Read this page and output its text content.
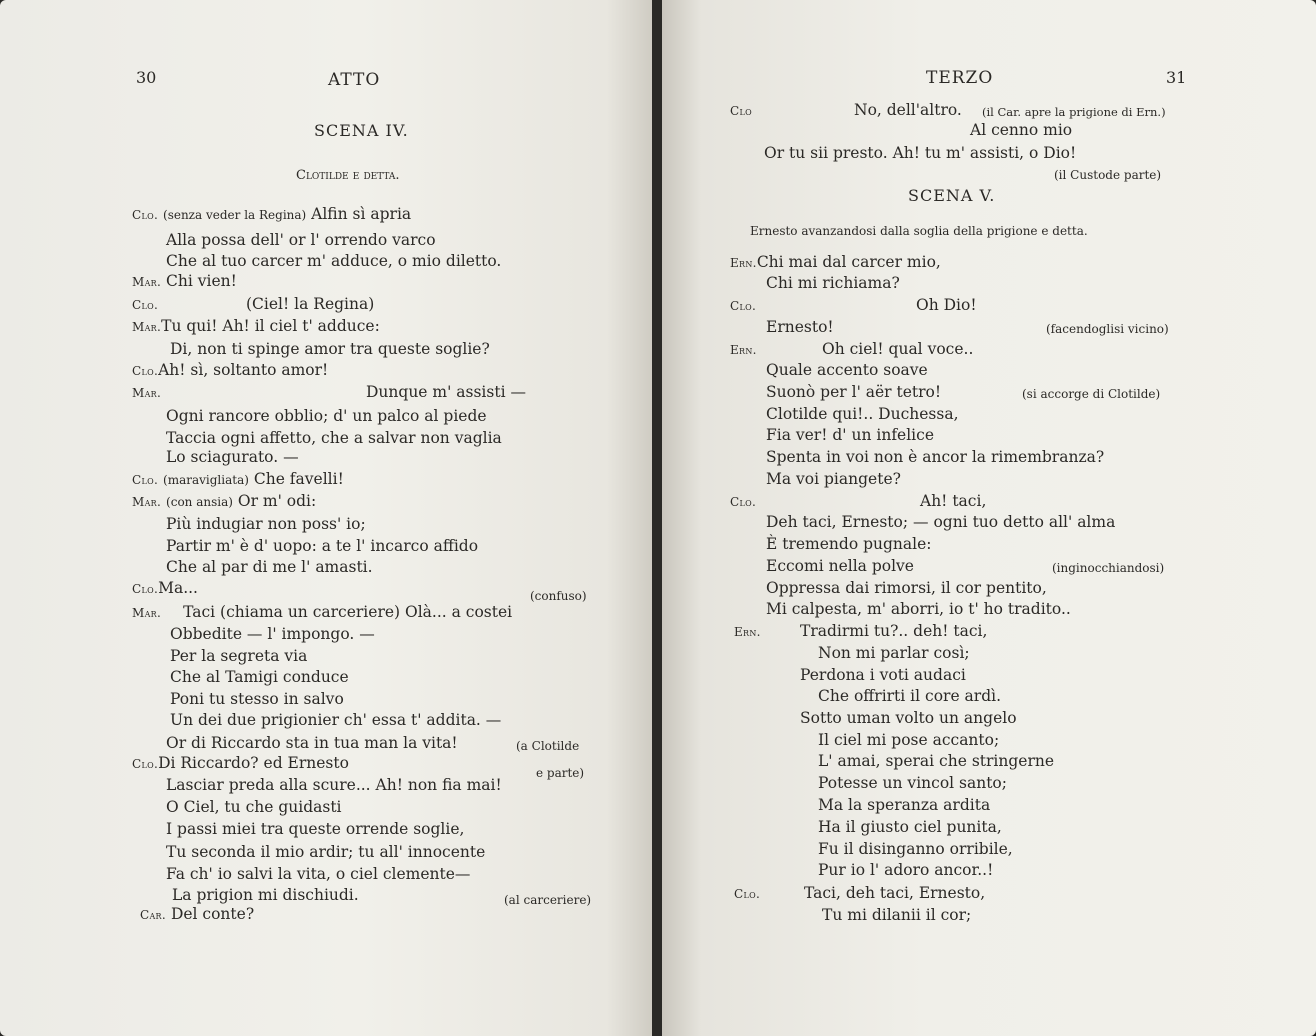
30	ATTO
SCENA IV.
Clotilde e detta.
Clo. (senza veder la Regina) Alfin sì apria
Alla possa dell' or l' orrendo varco
Che al tuo carcer m' adduce, o mio diletto.
Mar. Chi vien!
Clo.	(Ciel! la Regina)
Mar.Tu qui! Ah! il ciel t' adduce:
Di, non ti spinge amor tra queste soglie?
Clo.Ah! sì, soltanto amor!
Mar.	Dunque m' assisti —
Ogni rancore obblio; d' un palco al piede
Taccia ogni affetto, che a salvar non vaglia
Lo sciagurato. —
Clo. (maravigliata) Che favelli!
Mar. (con ansia) Or m' odi:
Più indugiar non poss' io;
Partir m' è d' uopo: a te l' incarco affido
Che al par di me l' amasti.
Clo.Ma...	(confuso)
Mar. Taci (chiama un carceriere) Olà... a costei
Obbedite — l' impongo. —
Per la segreta via
Che al Tamigi conduce
Poni tu stesso in salvo
Un dei due prigionier ch' essa t' addita. —
Or di Riccardo sta in tua man la vita!	(a Clotilde
Clo.Di Riccardo? ed Ernesto
e parte)
Lasciar preda alla scure... Ah! non fia mai!
O Ciel, tu che guidasti
I passi miei tra queste orrende soglie,
Tu seconda il mio ardir; tu all' innocente
Fa ch' io salvi la vita, o ciel clemente—
La prigion mi dischiudi.	(al carceriere)
Car. Del conte?
TERZO	31
Clo	No, dell'altro. (il Car. apre la prigione di Ern.)
Al cenno mio
Or tu sii presto. Ah! tu m' assisti, o Dio!
(il Custode parte)
SCENA V.
Ernesto avanzandosi dalla soglia della prigione e detta.
Ern.Chi mai dal carcer mio,
Chi mi richiama?
Clo.	Oh Dio!
Ernesto!	(facendoglisi vicino)
Ern.	Oh ciel! qual voce..
Quale accento soave
Suonò per l' aër tetro!	(si accorge di Clotilde)
Clotilde qui!.. Duchessa,
Fia ver! d' un infelice
Spenta in voi non è ancor la rimembranza?
Ma voi piangete?
Clo.	Ah! taci,
Deh taci, Ernesto; — ogni tuo detto all' alma
È tremendo pugnale:
Eccomi nella polve	(inginocchiandosi)
Oppressa dai rimorsi, il cor pentito,
Mi calpesta, m' aborri, io t' ho tradito..
Ern.	Tradirmi tu?.. deh! taci,
Non mi parlar così;
Perdona i voti audaci
Che offrirti il core ardì.
Sotto uman volto un angelo
Il ciel mi pose accanto;
L' amai, sperai che stringerne
Potesse un vincol santo;
Ma la speranza ardita
Ha il giusto ciel punita,
Fu il disinganno orribile,
Pur io l' adoro ancor..!
Clo.	Taci, deh taci, Ernesto,
Tu mi dilanii il cor;
